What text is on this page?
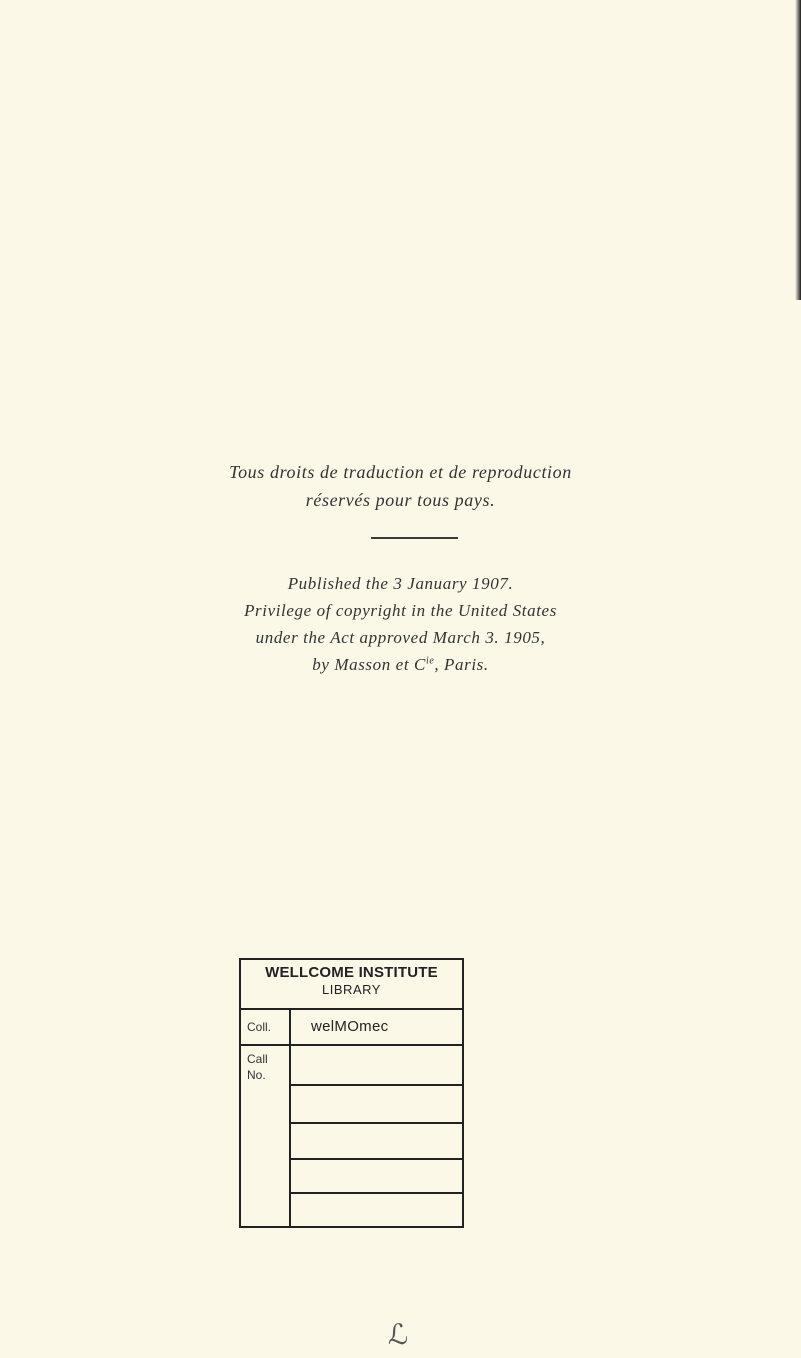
Tous droits de traduction et de reproduction
réservés pour tous pays.
Published the 3 January 1907.
Privilege of copyright in the United States
under the Act approved March 3. 1905,
by Masson et $C^{ie}$, Paris.
WELLCOME INSTITUTE
LIBRARY
Coll.	welMOmec
Call
No.
ℒ
